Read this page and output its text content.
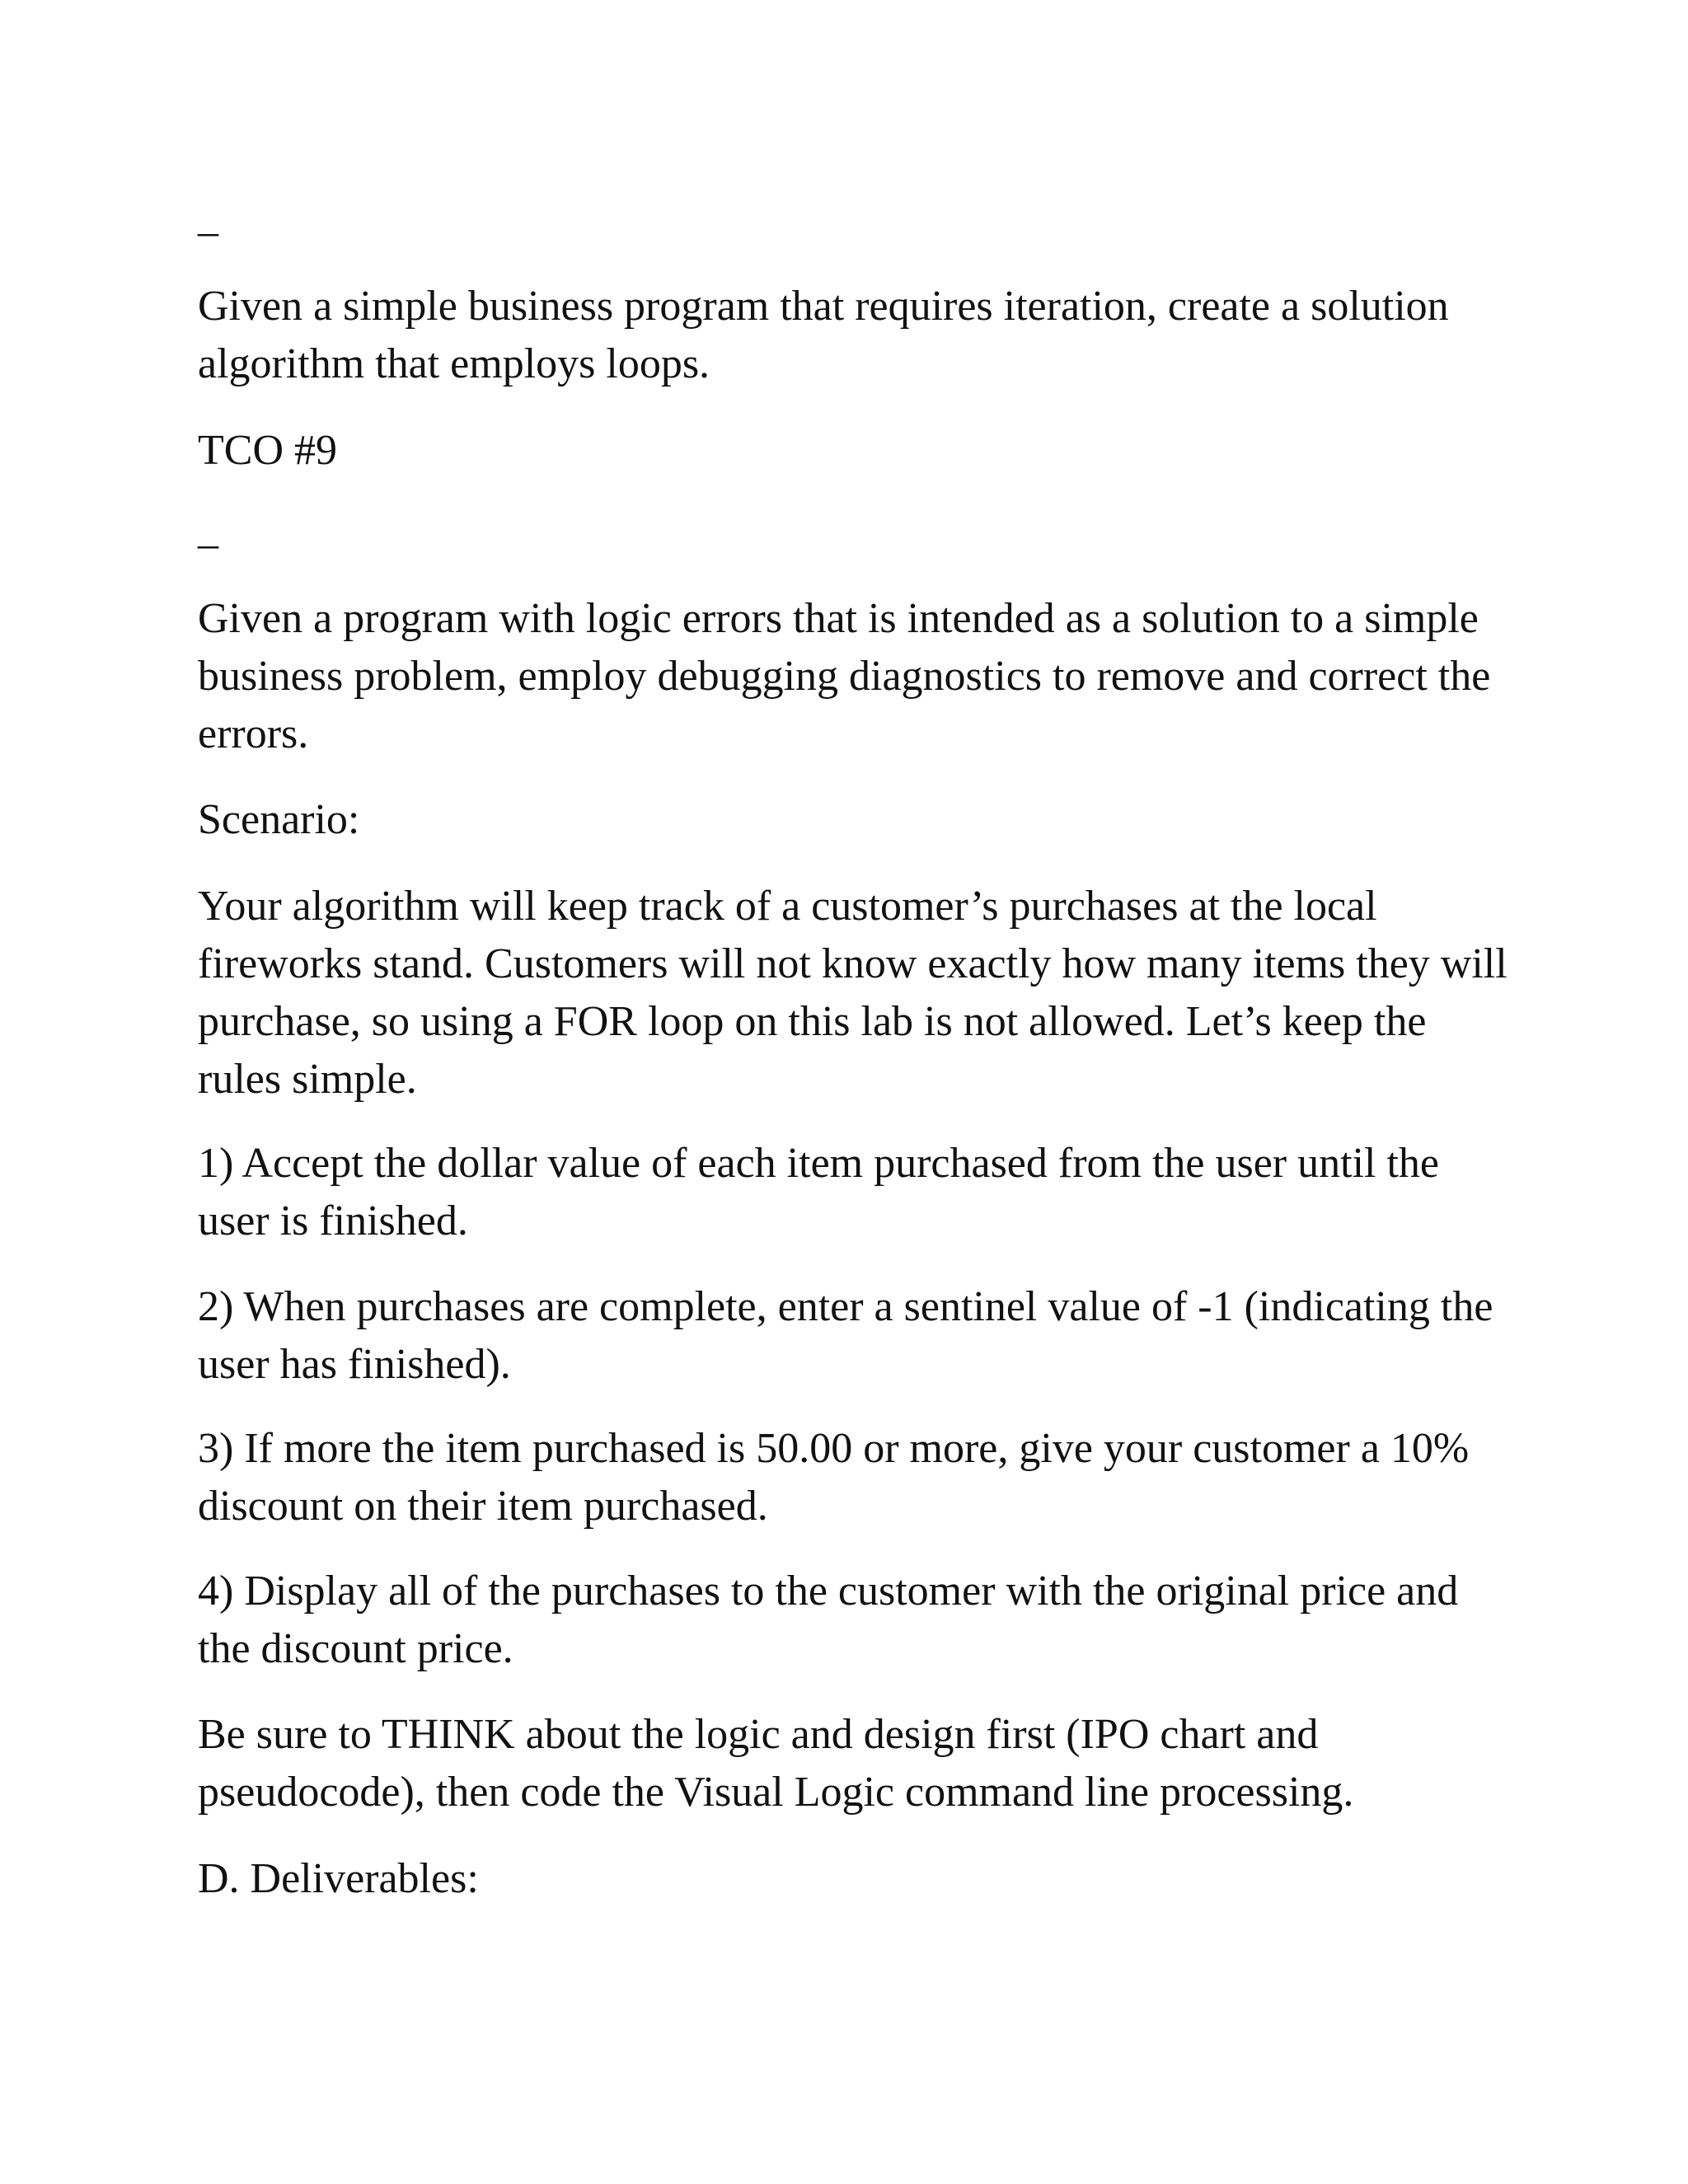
_

Given a simple business program that requires iteration, create a solution algorithm that employs loops.

TCO #9

_

Given a program with logic errors that is intended as a solution to a simple business problem, employ debugging diagnostics to remove and correct the errors.

Scenario:

Your algorithm will keep track of a customer’s purchases at the local fireworks stand. Customers will not know exactly how many items they will purchase, so using a FOR loop on this lab is not allowed. Let’s keep the rules simple.

1) Accept the dollar value of each item purchased from the user until the user is finished.

2) When purchases are complete, enter a sentinel value of -1 (indicating the user has finished).

3) If more the item purchased is 50.00 or more, give your customer a 10% discount on their item purchased.

4) Display all of the purchases to the customer with the original price and the discount price.

Be sure to THINK about the logic and design first (IPO chart and pseudocode), then code the Visual Logic command line processing.

D. Deliverables:
